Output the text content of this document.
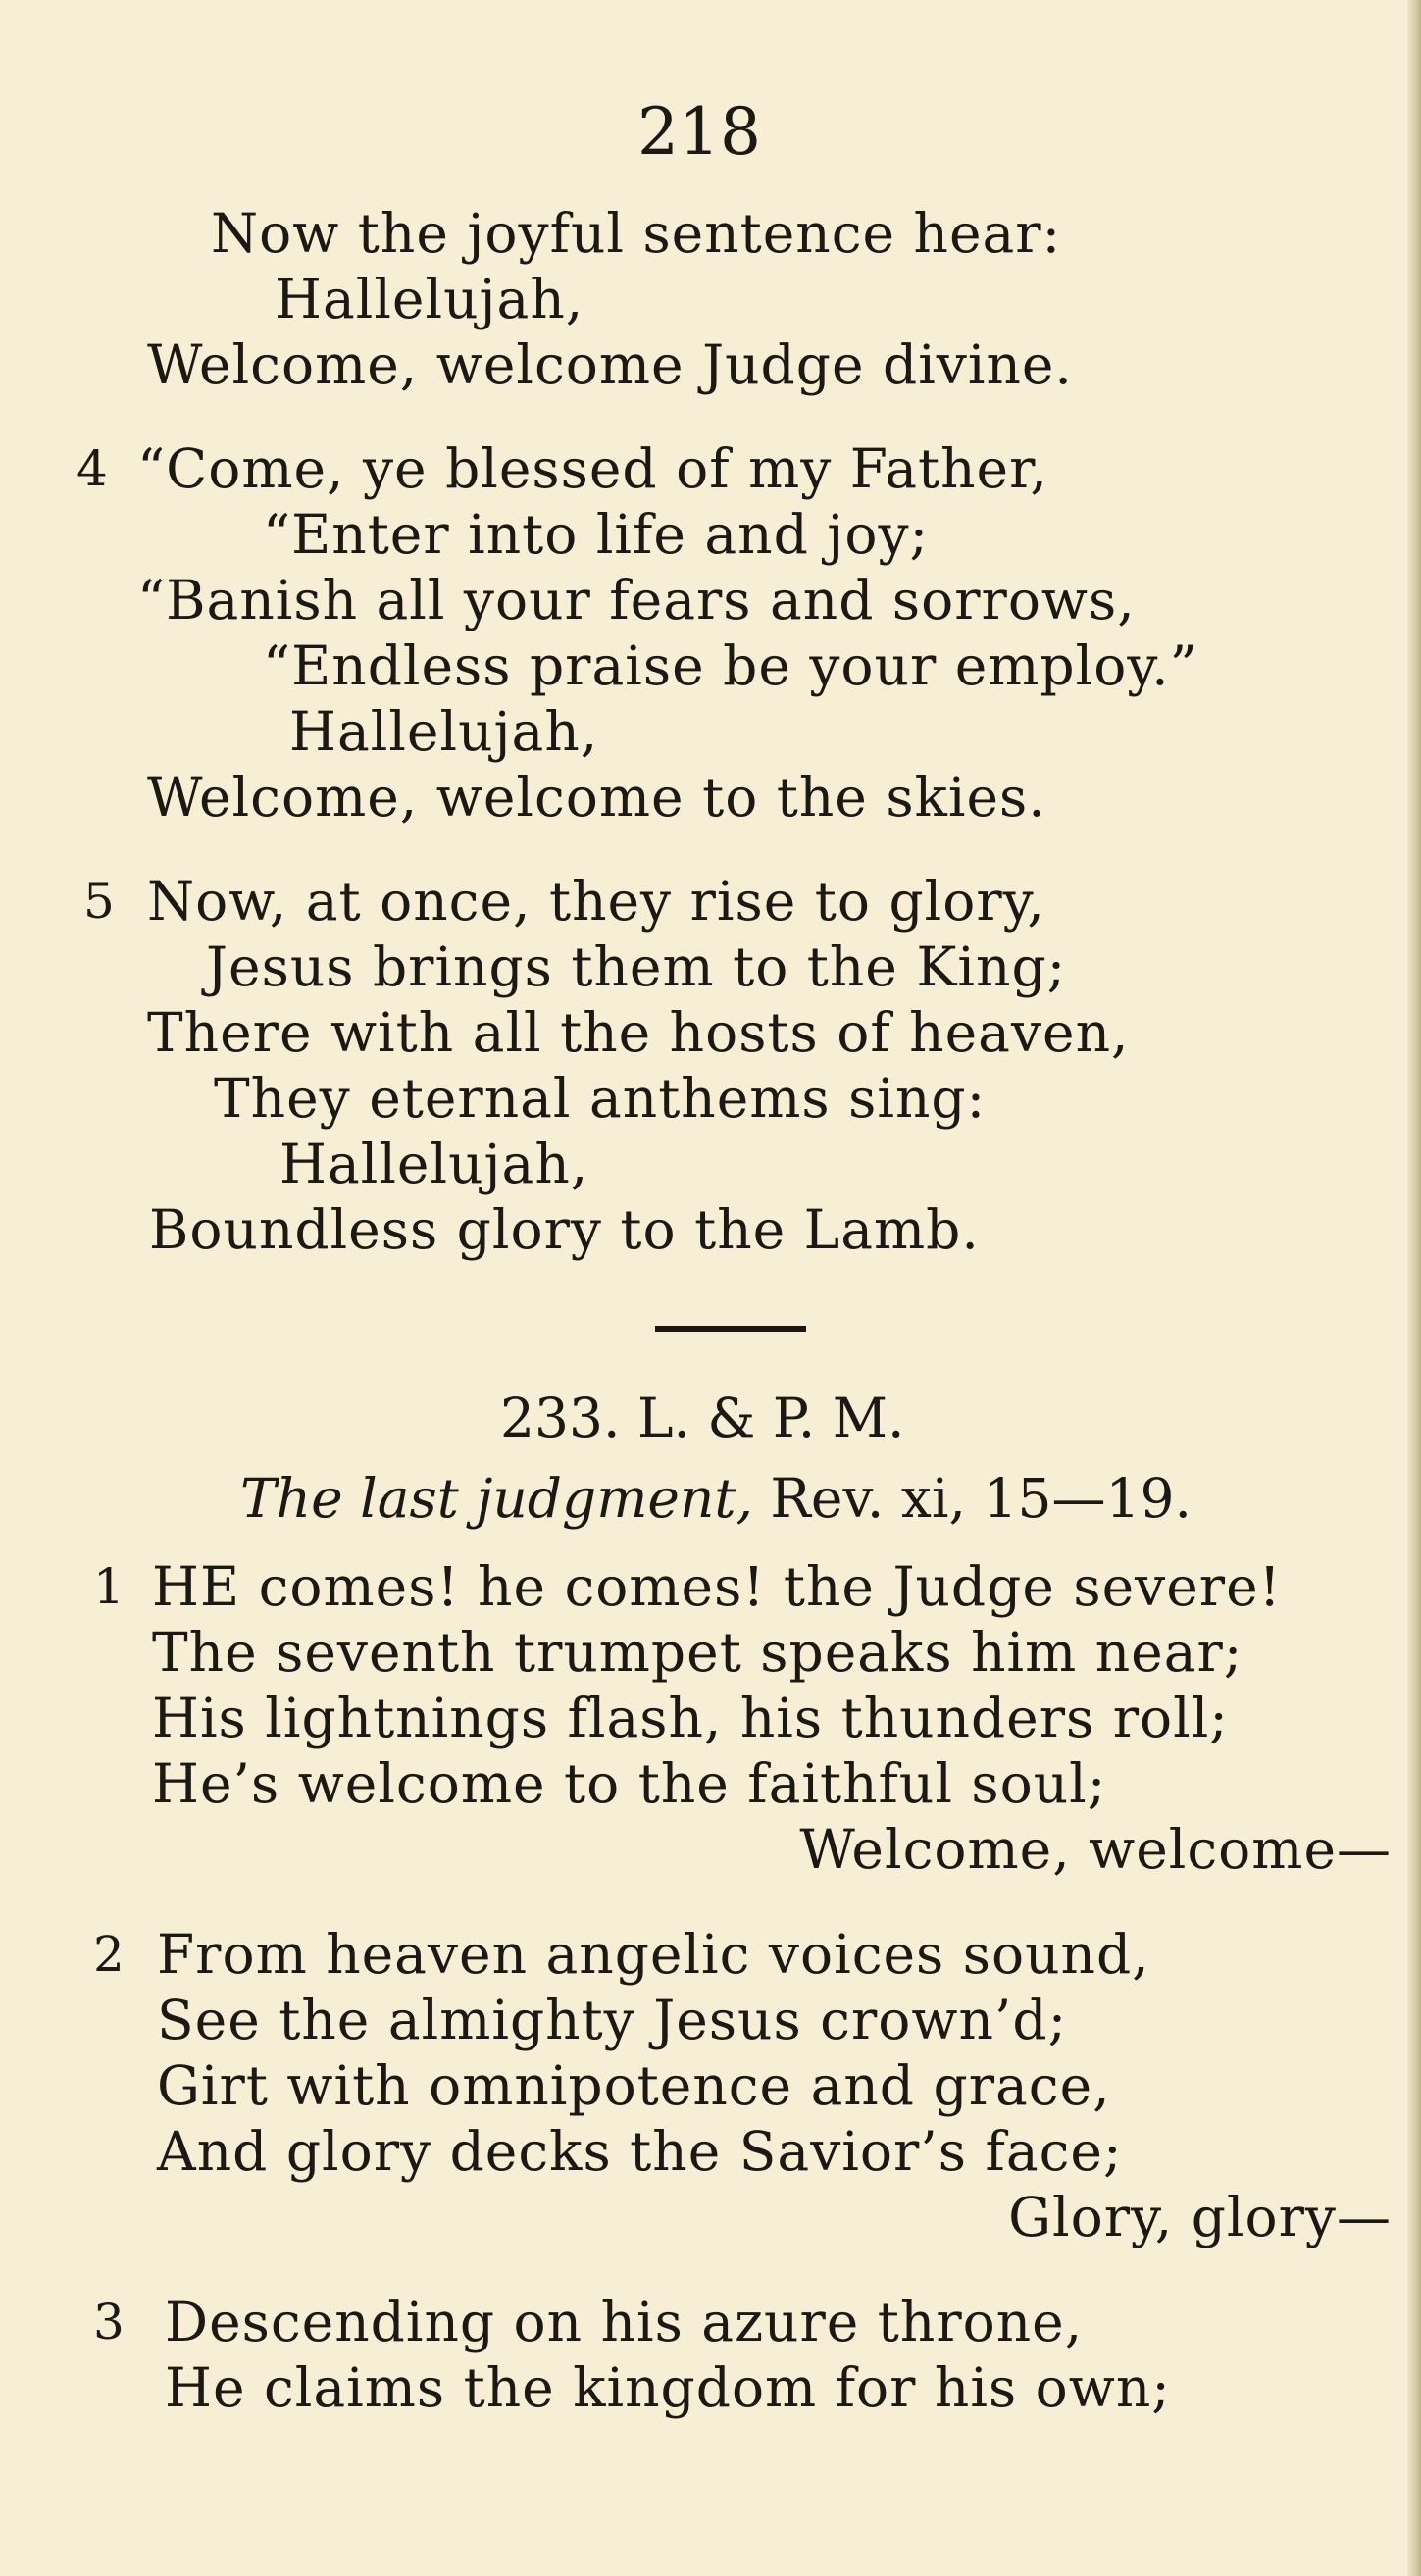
218
Now the joyful sentence hear:
Hallelujah,
Welcome, welcome Judge divine.
4 “Come, ye blessed of my Father,
“Enter into life and joy;
“Banish all your fears and sorrows,
“Endless praise be your employ.”
Hallelujah,
Welcome, welcome to the skies.
5 Now, at once, they rise to glory,
Jesus brings them to the King;
There with all the hosts of heaven,
They eternal anthems sing:
Hallelujah,
Boundless glory to the Lamb.
233. L. & P. M.
The last judgment, Rev. xi, 15—19.
1 HE comes! he comes! the Judge severe!
The seventh trumpet speaks him near;
His lightnings flash, his thunders roll;
He’s welcome to the faithful soul;
Welcome, welcome—
2 From heaven angelic voices sound,
See the almighty Jesus crown’d;
Girt with omnipotence and grace,
And glory decks the Savior’s face;
Glory, glory—
3 Descending on his azure throne,
He claims the kingdom for his own;
